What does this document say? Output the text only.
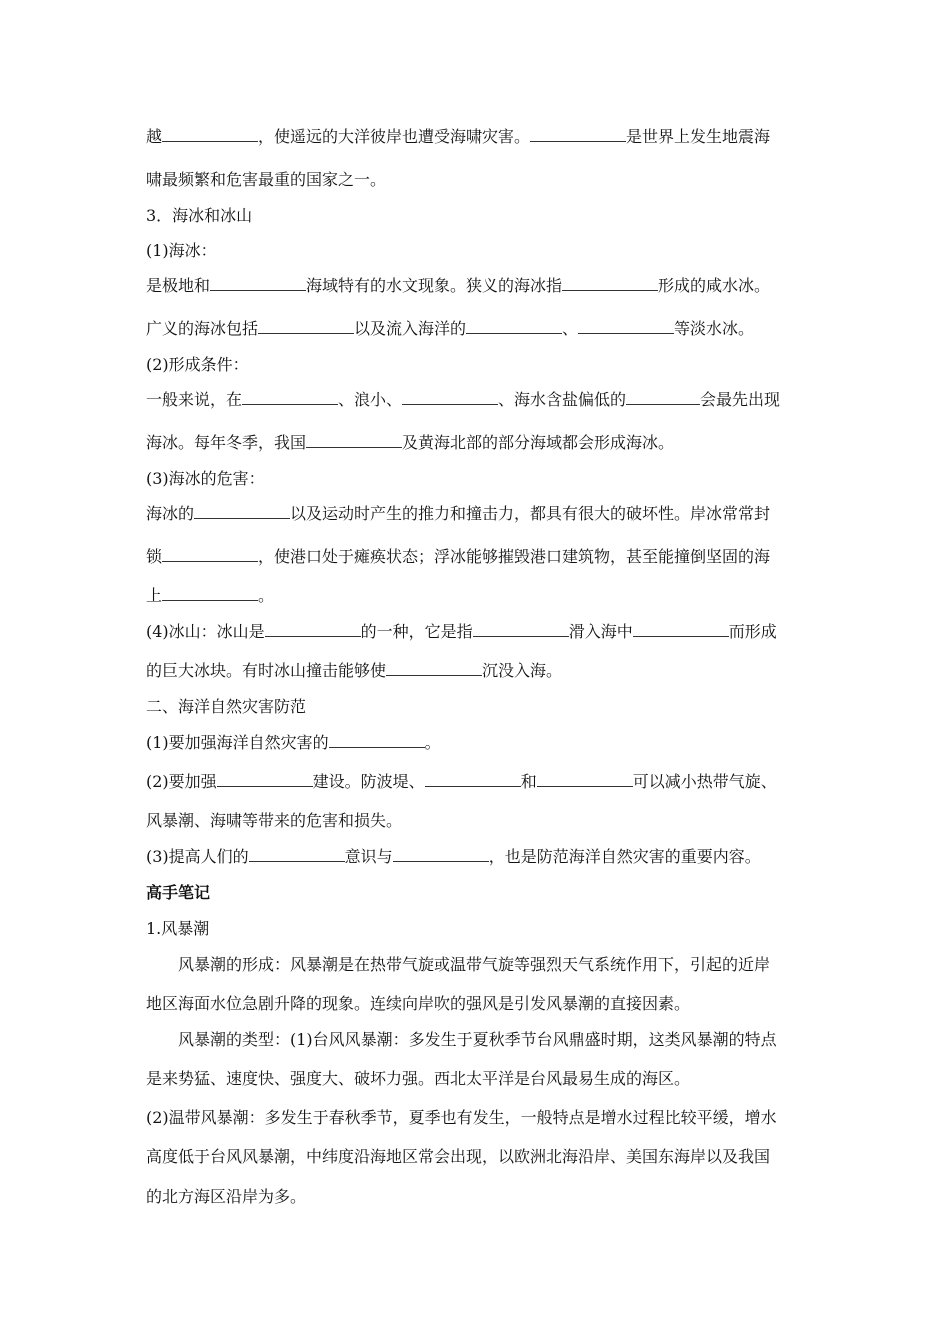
越	，使遥远的大洋彼岸也遭受海啸灾害。	是世界上发生地震海
啸最频繁和危害最重的国家之一。
3．海冰和冰山
(1)海冰：
是极地和	海域特有的水文现象。狭义的海冰指	形成的咸水冰。
广义的海冰包括	以及流入海洋的	、	等淡水冰。
(2)形成条件：
一般来说，在	、浪小、	、海水含盐偏低的	会最先出现
海冰。每年冬季，我国	及黄海北部的部分海域都会形成海冰。
(3)海冰的危害：
海冰的	以及运动时产生的推力和撞击力，都具有很大的破坏性。岸冰常常封
锁	，使港口处于瘫痪状态；浮冰能够摧毁港口建筑物，甚至能撞倒坚固的海
上	。
(4)冰山：冰山是	的一种，它是指	滑入海中	而形成
的巨大冰块。有时冰山撞击能够使	沉没入海。
二、海洋自然灾害防范
(1)要加强海洋自然灾害的	。
(2)要加强	建设。防波堤、	和	可以减小热带气旋、
风暴潮、海啸等带来的危害和损失。
(3)提高人们的	意识与	，也是防范海洋自然灾害的重要内容。
高手笔记
1.风暴潮
风暴潮的形成：风暴潮是在热带气旋或温带气旋等强烈天气系统作用下，引起的近岸
地区海面水位急剧升降的现象。连续向岸吹的强风是引发风暴潮的直接因素。
风暴潮的类型：(1)台风风暴潮：多发生于夏秋季节台风鼎盛时期，这类风暴潮的特点
是来势猛、速度快、强度大、破坏力强。西北太平洋是台风最易生成的海区。
(2)温带风暴潮：多发生于春秋季节，夏季也有发生，一般特点是增水过程比较平缓，增水
高度低于台风风暴潮，中纬度沿海地区常会出现，以欧洲北海沿岸、美国东海岸以及我国
的北方海区沿岸为多。
